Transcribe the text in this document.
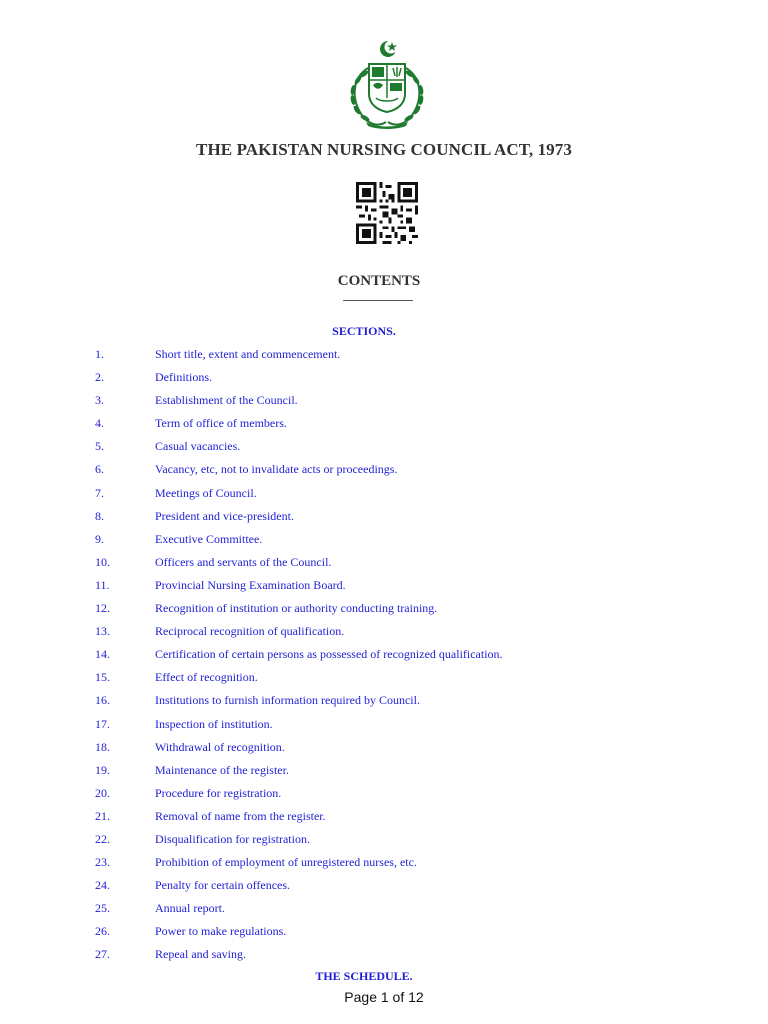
THE PAKISTAN NURSING COUNCIL ACT, 1973
CONTENTS
SECTIONS.
1.	Short title, extent and commencement.
2.	Definitions.
3.	Establishment of the Council.
4.	Term of office of members.
5.	Casual vacancies.
6.	Vacancy, etc, not to invalidate acts or proceedings.
7.	Meetings of Council.
8.	President and vice-president.
9.	Executive Committee.
10.	Officers and servants of the Council.
11.	Provincial Nursing Examination Board.
12.	Recognition of institution or authority conducting training.
13.	Reciprocal recognition of qualification.
14.	Certification of certain persons as possessed of recognized qualification.
15.	Effect of recognition.
16.	Institutions to furnish information required by Council.
17.	Inspection of institution.
18.	Withdrawal of recognition.
19.	Maintenance of the register.
20.	Procedure for registration.
21.	Removal of name from the register.
22.	Disqualification for registration.
23.	Prohibition of employment of unregistered nurses, etc.
24.	Penalty for certain offences.
25.	Annual report.
26.	Power to make regulations.
27.	Repeal and saving.
THE SCHEDULE.
Page 1 of 12
